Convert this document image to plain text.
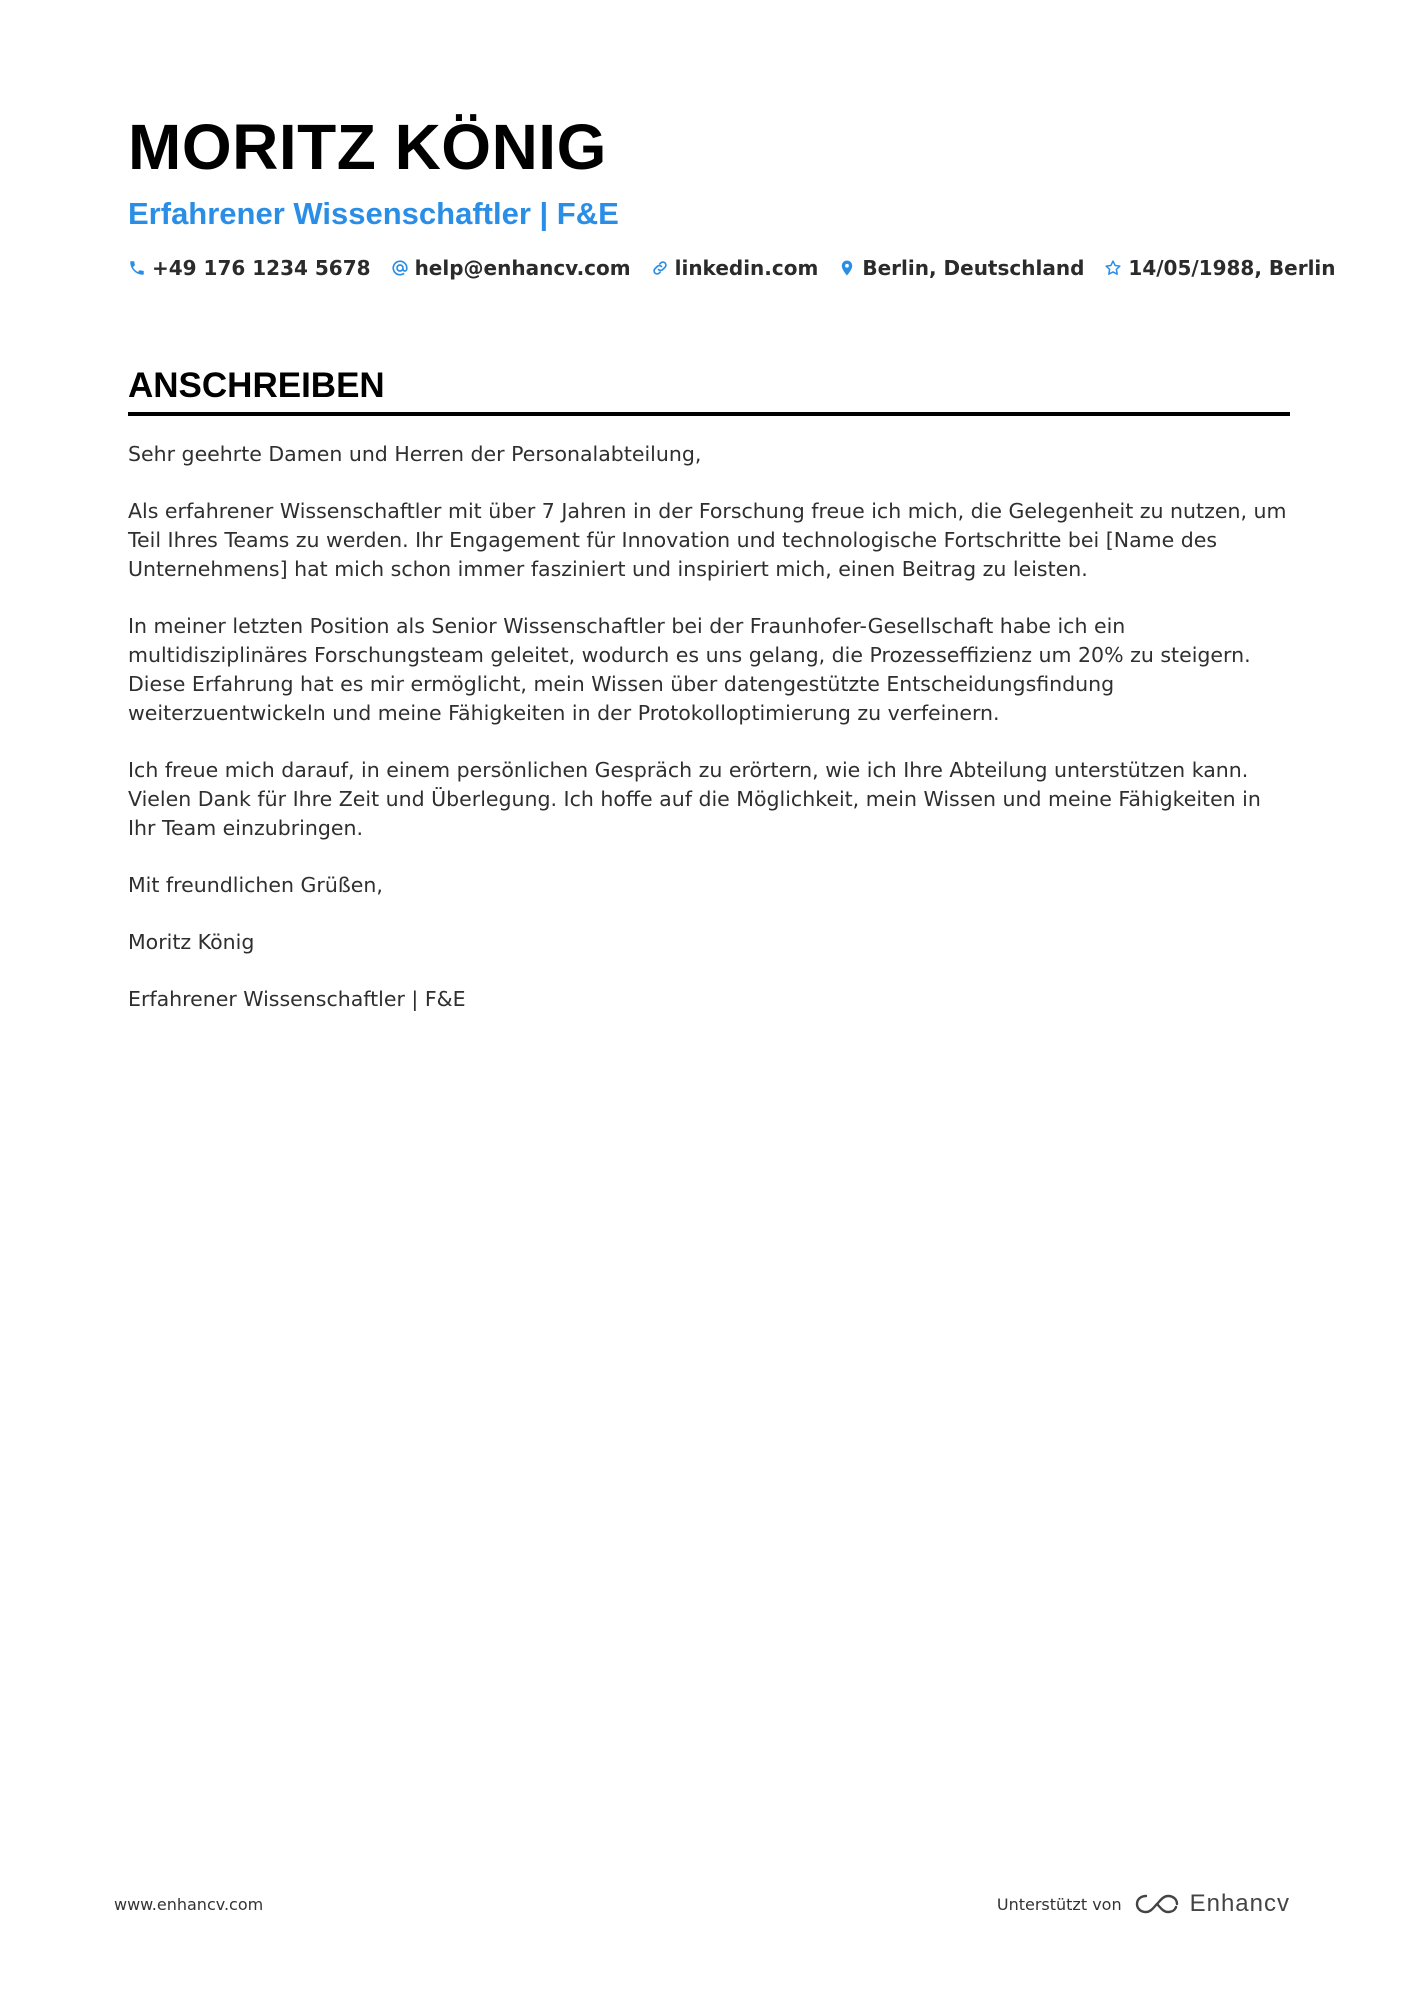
MORITZ KÖNIG
Erfahrener Wissenschaftler | F&E
+49 176 1234 5678 help@enhancv.com linkedin.com Berlin, Deutschland 14/05/1988, Berlin
ANSCHREIBEN

Sehr geehrte Damen und Herren der Personalabteilung,

Als erfahrener Wissenschaftler mit über 7 Jahren in der Forschung freue ich mich, die Gelegenheit zu nutzen, um Teil Ihres Teams zu werden. Ihr Engagement für Innovation und technologische Fortschritte bei [Name des Unternehmens] hat mich schon immer fasziniert und inspiriert mich, einen Beitrag zu leisten.

In meiner letzten Position als Senior Wissenschaftler bei der Fraunhofer-Gesellschaft habe ich ein multidisziplinäres Forschungsteam geleitet, wodurch es uns gelang, die Prozesseffizienz um 20% zu steigern. Diese Erfahrung hat es mir ermöglicht, mein Wissen über datengestützte Entscheidungsfindung weiterzuentwickeln und meine Fähigkeiten in der Protokolloptimierung zu verfeinern.

Ich freue mich darauf, in einem persönlichen Gespräch zu erörtern, wie ich Ihre Abteilung unterstützen kann. Vielen Dank für Ihre Zeit und Überlegung. Ich hoffe auf die Möglichkeit, mein Wissen und meine Fähigkeiten in Ihr Team einzubringen.

Mit freundlichen Grüßen,

Moritz König

Erfahrener Wissenschaftler | F&E

www.enhancv.com	Unterstützt von	Enhancv
